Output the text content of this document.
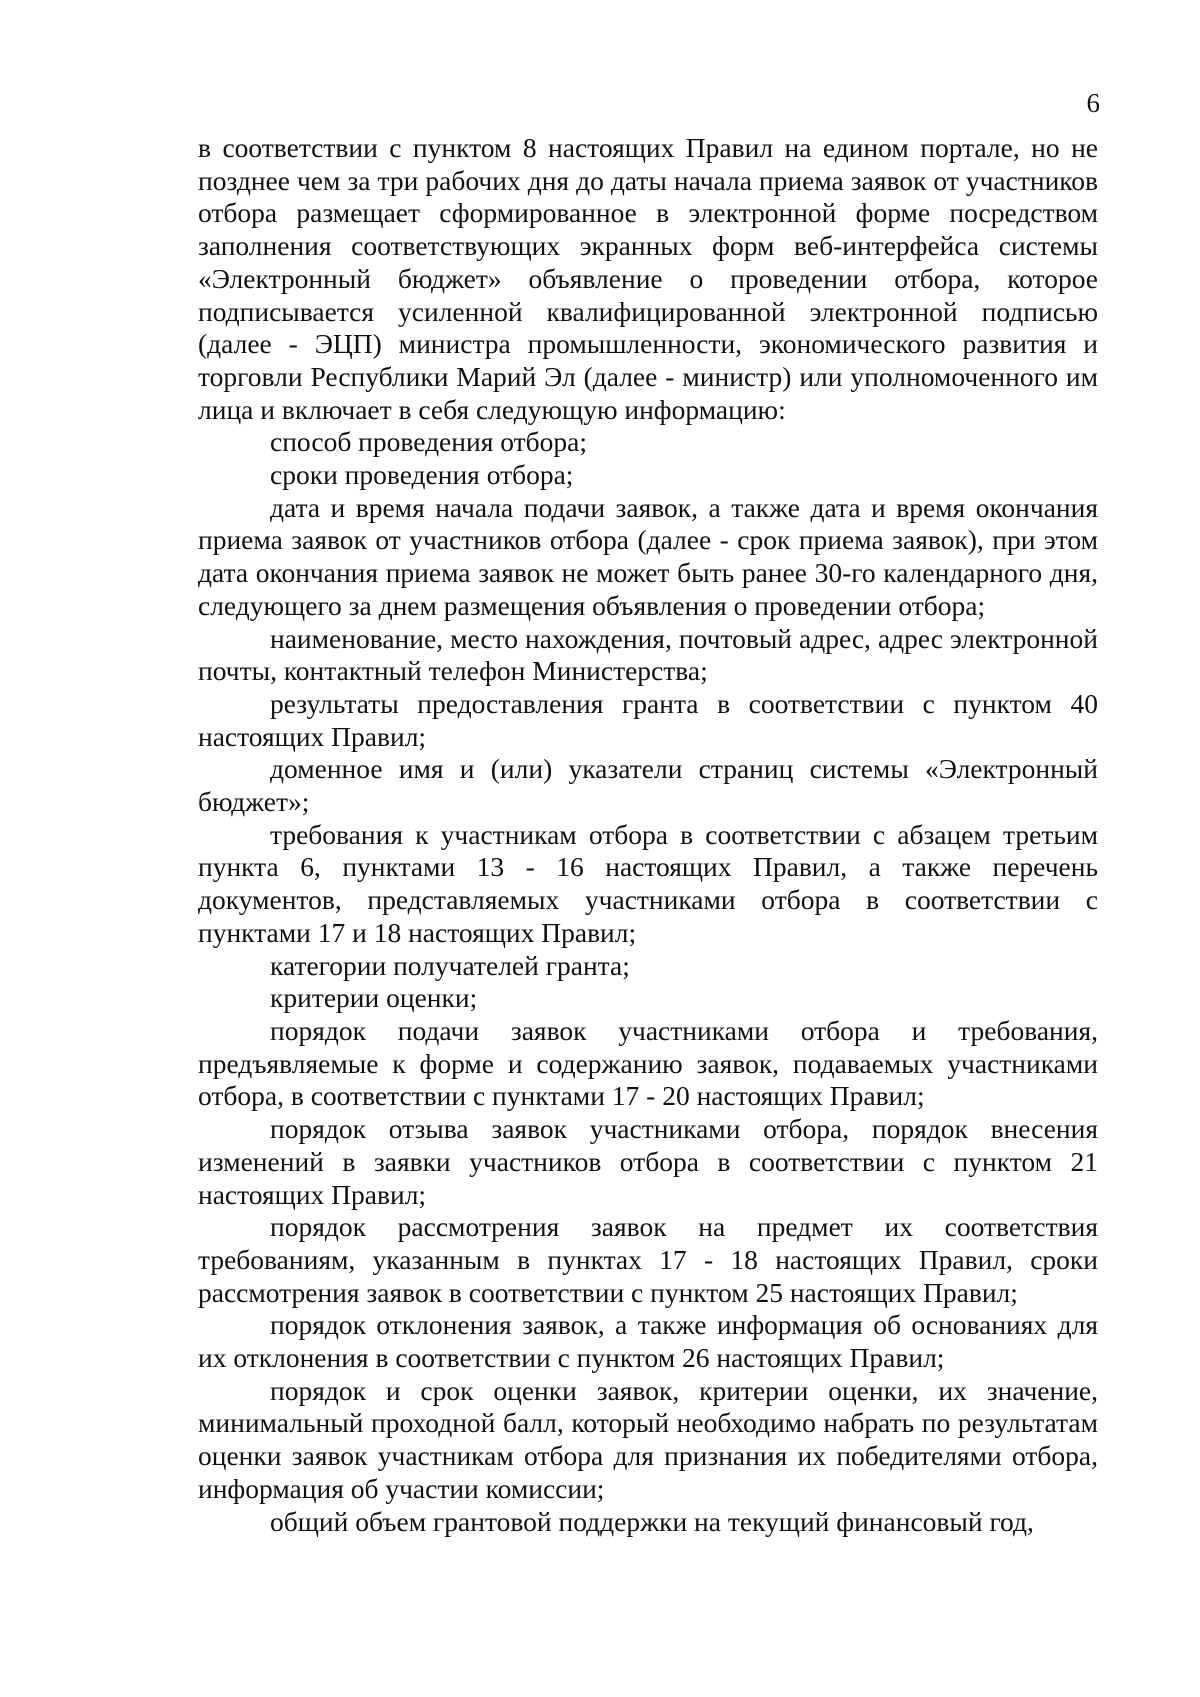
6

в соответствии с пунктом 8 настоящих Правил на едином портале, но не позднее чем за три рабочих дня до даты начала приема заявок от участников отбора размещает сформированное в электронной форме посредством заполнения соответствующих экранных форм веб-интерфейса системы «Электронный бюджет» объявление о проведении отбора, которое подписывается усиленной квалифицированной электронной подписью (далее - ЭЦП) министра промышленности, экономического развития и торговли Республики Марий Эл (далее - министр) или уполномоченного им лица и включает в себя следующую информацию:

способ проведения отбора;

сроки проведения отбора;

дата и время начала подачи заявок, а также дата и время окончания приема заявок от участников отбора (далее - срок приема заявок), при этом дата окончания приема заявок не может быть ранее 30-го календарного дня, следующего за днем размещения объявления о проведении отбора;

наименование, место нахождения, почтовый адрес, адрес электронной почты, контактный телефон Министерства;

результаты предоставления гранта в соответствии с пунктом 40 настоящих Правил;

доменное имя и (или) указатели страниц системы «Электронный бюджет»;

требования к участникам отбора в соответствии с абзацем третьим пункта 6, пунктами 13 - 16 настоящих Правил, а также перечень документов, представляемых участниками отбора в соответствии с пунктами 17 и 18 настоящих Правил;

категории получателей гранта;

критерии оценки;

порядок подачи заявок участниками отбора и требования, предъявляемые к форме и содержанию заявок, подаваемых участниками отбора, в соответствии с пунктами 17 - 20 настоящих Правил;

порядок отзыва заявок участниками отбора, порядок внесения изменений в заявки участников отбора в соответствии с пунктом 21 настоящих Правил;

порядок рассмотрения заявок на предмет их соответствия требованиям, указанным в пунктах 17 - 18 настоящих Правил, сроки рассмотрения заявок в соответствии с пунктом 25 настоящих Правил;

порядок отклонения заявок, а также информация об основаниях для их отклонения в соответствии с пунктом 26 настоящих Правил;

порядок и срок оценки заявок, критерии оценки, их значение, минимальный проходной балл, который необходимо набрать по результатам оценки заявок участникам отбора для признания их победителями отбора, информация об участии комиссии;

общий объем грантовой поддержки на текущий финансовый год,
